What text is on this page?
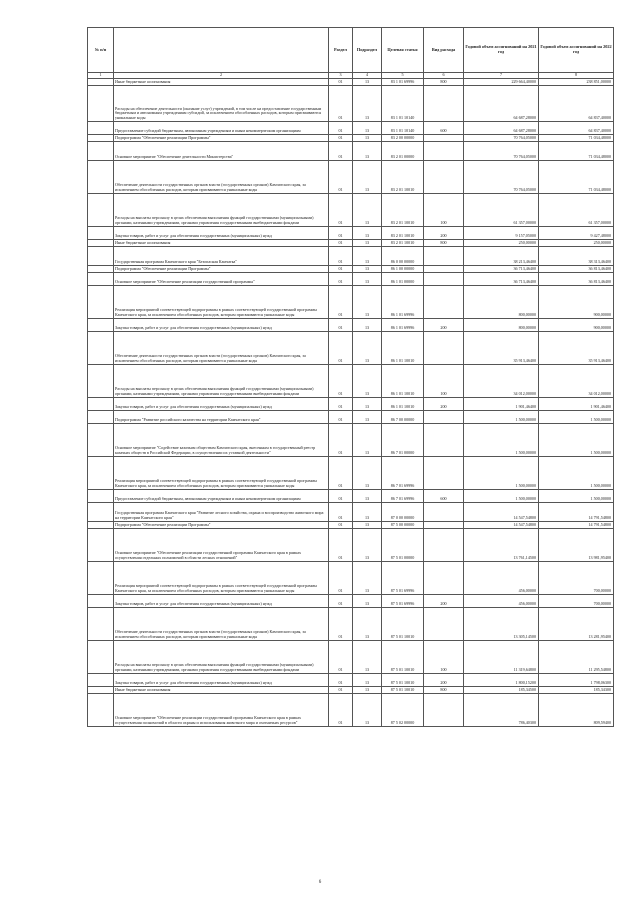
№ п/п		Раздел	Подраздел	Целевая статья	Вид расхода	Годовой объем ассигнований на 2021 год	Годовой объем ассигнований на 2022 год
1	2	3	4	5	6	7	8
	Иные бюджетные ассигнования	01	13	83 1 01 69996	800	229 664,40000	238 851,00000
	Расходы на обеспечение деятельности (оказание услуг) учреждений, в том числе на предоставление государственным бюджетным и автономным учреждениям субсидий, за исключением обособленных расходов, которым присваиваются уникальные коды	01	13	83 1 01 10140		64 687,28000	64 837,40000
	Предоставление субсидий бюджетным, автономным учреждениям и иным некоммерческим организациям	01	13	83 1 01 10140	600	64 687,28000	64 837,40000
	Подпрограмма "Обеспечение реализации Программы"	01	13	83 2 00 00000		70 764,05000	71 034,48000
	Основное мероприятие "Обеспечение деятельности Министерства"	01	13	83 2 01 00000		70 764,05000	71 034,48000
	Обеспечение деятельности государственных органов власти (государственных органов) Камчатского края, за исключением обособленных расходов, которым присваиваются уникальные коды	01	13	83 2 01 10010		70 764,05000	71 034,48000
	Расходы на выплаты персоналу в целях обеспечения выполнения функций государственными (муниципальными) органами, казенными учреждениями, органами управления государственными внебюджетными фондами	01	13	83 2 01 10010	100	61 357,00000	61 357,00000
	Закупка товаров, работ и услуг для обеспечения государственных (муниципальных) нужд	01	13	83 2 01 10010	200	9 157,05000	9 427,48000
	Иные бюджетные ассигнования	01	13	83 2 01 10010	800	250,00000	250,00000
	Государственная программа Камчатского края "Безопасная Камчатка"	01	13	86 0 00 00000		38 213,46400	38 313,46400
	Подпрограмма "Обеспечение реализации Программы"	01	13	86 1 00 00000		36 713,46400	36 813,46400
	Основное мероприятие "Обеспечение реализации государственной программы"	01	13	86 1 01 00000		36 713,46400	36 813,46400
	Реализация мероприятий соответствующей подпрограммы в рамках соответствующей государственной программы Камчатского края, за исключением обособленных расходов, которым присваиваются уникальные коды	01	13	86 1 01 69996		800,00000	900,00000
	Закупка товаров, работ и услуг для обеспечения государственных (муниципальных) нужд	01	13	86 1 01 69996	200	800,00000	900,00000
	Обеспечение деятельности государственных органов власти (государственных органов) Камчатского края, за исключением обособленных расходов, которым присваиваются уникальные коды	01	13	86 1 01 10010		35 913,46400	35 913,46400
	Расходы на выплаты персоналу в целях обеспечения выполнения функций государственными (муниципальными) органами, казенными учреждениями, органами управления государственными внебюджетными фондами	01	13	86 1 01 10010	100	34 012,00000	34 012,00000
	Закупка товаров, работ и услуг для обеспечения государственных (муниципальных) нужд	01	13	86 1 01 10010	200	1 901,46400	1 901,46400
	Подпрограмма "Развитие российского казачества на территории Камчатского края"	01	13	86 7 00 00000		1 500,00000	1 500,00000
	Основное мероприятие "Содействие казачьим обществам Камчатского края, внесенным в государственный реестр казачьих обществ в Российской Федерации, в осуществлении их уставной деятельности"	01	13	86 7 01 00000		1 500,00000	1 500,00000
	Реализация мероприятий соответствующей подпрограммы в рамках соответствующей государственной программы Камчатского края, за исключением обособленных расходов, которым присваиваются уникальные коды	01	13	86 7 01 69996		1 500,00000	1 500,00000
	Предоставление субсидий бюджетным, автономным учреждениям и иным некоммерческим организациям	01	13	86 7 01 69996	600	1 500,00000	1 500,00000
	Государственная программа Камчатского края "Развитие лесного хозяйства, охрана и воспроизводство животного мира на территории Камчатского края"	01	13	87 0 00 00000		14 547,54800	14 791,54800
	Подпрограмма "Обеспечение реализации Программы"	01	13	87 5 00 00000		14 547,54800	14 791,54800
	Основное мероприятие "Обеспечение реализации государственной программы Камчатского края в рамках осуществления отдельных полномочий в области лесных отношений"	01	13	87 5 01 00000		13 761,14500	13 981,95400
	Реализация мероприятий соответствующей подпрограммы в рамках соответствующей государственной программы Камчатского края, за исключением обособленных расходов, которым присваиваются уникальные коды	01	13	87 5 01 69996		456,00000	700,00000
	Закупка товаров, работ и услуг для обеспечения государственных (муниципальных) нужд	01	13	87 5 01 69996	200	456,00000	700,00000
	Обеспечение деятельности государственных органов власти (государственных органов) Камчатского края, за исключением обособленных расходов, которым присваиваются уникальные коды	01	13	87 5 01 10010		13 305,14500	13 281,95400
	Расходы на выплаты персоналу в целях обеспечения выполнения функций государственными (муниципальными) органами, казенными учреждениями, органами управления государственными внебюджетными фондами	01	13	87 5 01 10010	100	11 319,64800	11 295,54800
	Закупка товаров, работ и услуг для обеспечения государственных (муниципальных) нужд	01	13	87 5 01 10010	200	1 800,15200	1 798,06300
	Иные бюджетные ассигнования	01	13	87 5 01 10010	800	185,34500	185,34300
	Основное мероприятие "Обеспечение реализации государственной программы Камчатского края в рамках осуществления полномочий в области охраны и использования животного мира и охотничьих ресурсов"	01	13	87 5 02 00000		786,40300	809,59400
6
